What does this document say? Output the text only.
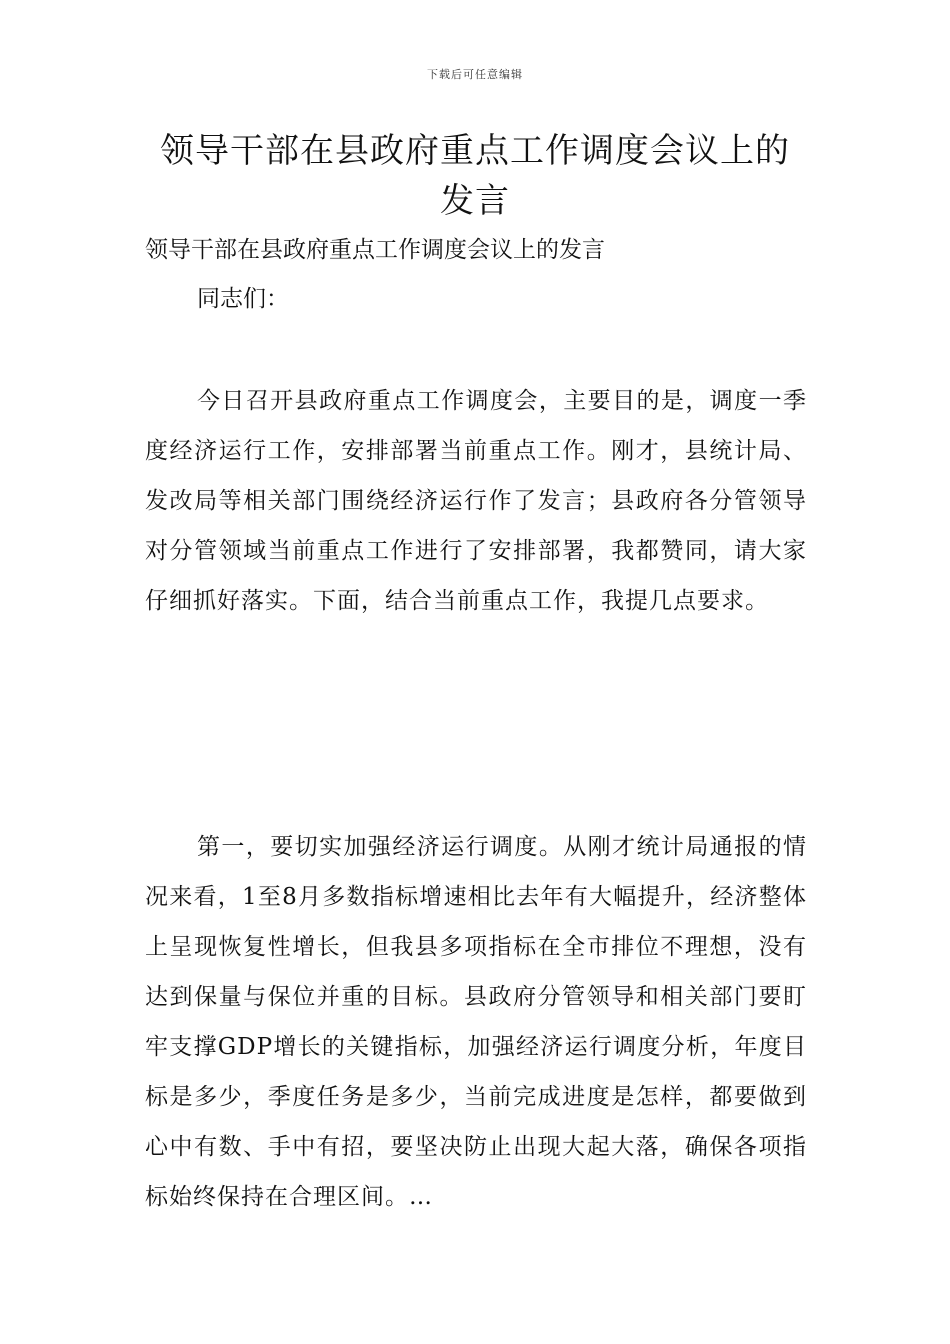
下载后可任意编辑
领导干部在县政府重点工作调度会议上的发言

领导干部在县政府重点工作调度会议上的发言

同志们：

今日召开县政府重点工作调度会，主要目的是，调度一季度经济运行工作，安排部署当前重点工作。刚才，县统计局、发改局等相关部门围绕经济运行作了发言；县政府各分管领导对分管领域当前重点工作进行了安排部署，我都赞同，请大家仔细抓好落实。下面，结合当前重点工作，我提几点要求。

第一，要切实加强经济运行调度。从刚才统计局通报的情况来看，1至8月多数指标增速相比去年有大幅提升，经济整体上呈现恢复性增长，但我县多项指标在全市排位不理想，没有达到保量与保位并重的目标。县政府分管领导和相关部门要盯牢支撑GDP增长的关键指标，加强经济运行调度分析，年度目标是多少，季度任务是多少，当前完成进度是怎样，都要做到心中有数、手中有招，要坚决防止出现大起大落，确保各项指标始终保持在合理区间。…
